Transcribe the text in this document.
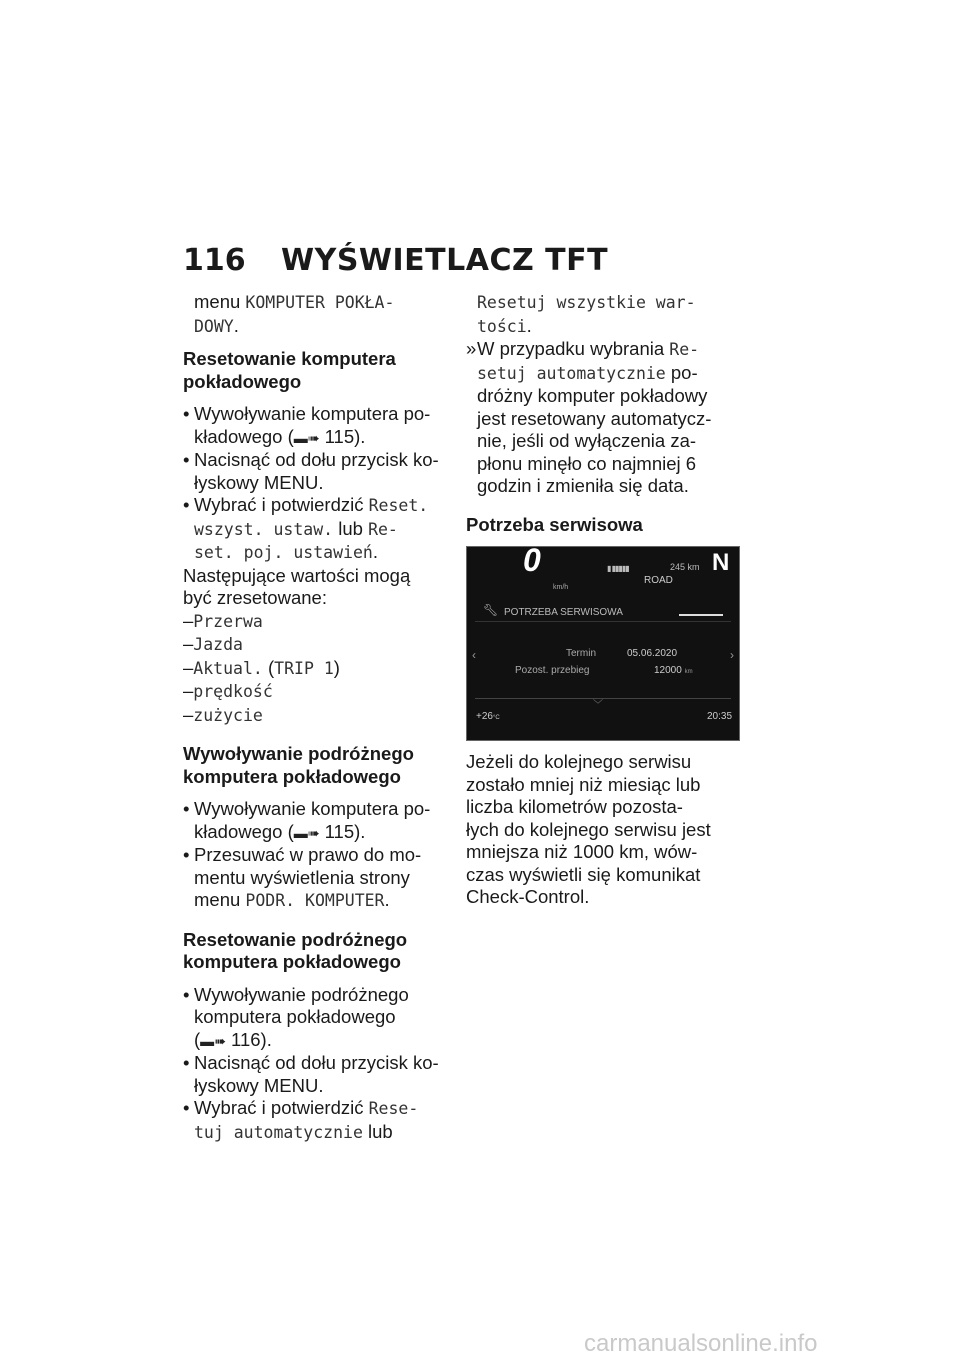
116	WYŚWIETLACZ TFT

menu KOMPUTER POKŁA-

DOWY.

Resetowanie komputera

pokładowego

• Wywoływanie komputera po-
kładowego (▬➠ 115).
• Nacisnąć od dołu przycisk ko-
łyskowy MENU.
• Wybrać i potwierdzić Reset.
wszyst. ustaw. lub Re-
set. poj. ustawień.

Następujące wartości mogą

być zresetowane:

–Przerwa

–Jazda

–Aktual. (TRIP 1)

–prędkość

–zużycie

Wywoływanie podróżnego

komputera pokładowego

• Wywoływanie komputera po-
kładowego (▬➠ 115).
• Przesuwać w prawo do mo-
mentu wyświetlenia strony
menu PODR. KOMPUTER.

Resetowanie podróżnego

komputera pokładowego

• Wywoływanie podróżnego
komputera pokładowego
(▬➠ 116).
• Nacisnąć od dołu przycisk ko-
łyskowy MENU.
• Wybrać i potwierdzić Rese-
tuj automatycznie lub

Resetuj wszystkie war-

tości.

» W przypadku wybrania Re-
setuj automatycznie po-
dróżny komputer pokładowy
jest resetowany automatycz-
nie, jeśli od wyłączenia za-
płonu minęło co najmniej 6
godzin i zmieniła się data.

Potrzeba serwisowa

0
km/h
▮ ▮▮▮▮▮	245 km
ROAD
N
🔧︎ POTRZEBA SERWISOWA
‹	›
Termin	05.06.2020
Pozost. przebieg	12000 km
﹀
+26°C	20:35

Jeżeli do kolejnego serwisu

zostało mniej niż miesiąc lub

liczba kilometrów pozosta-

łych do kolejnego serwisu jest

mniejsza niż 1000 km, wów-

czas wyświetli się komunikat

Check-Control.

carmanualsonline.info
